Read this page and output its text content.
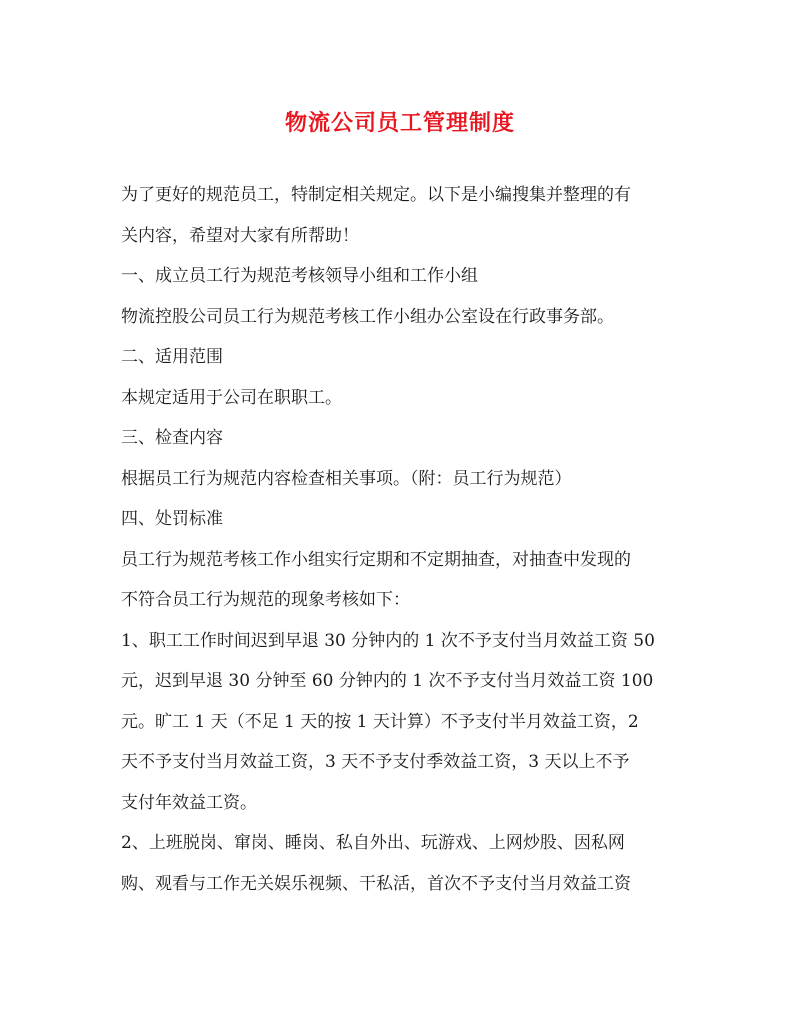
物流公司员工管理制度
为了更好的规范员工，特制定相关规定。以下是小编搜集并整理的有
关内容，希望对大家有所帮助！
一、成立员工行为规范考核领导小组和工作小组
物流控股公司员工行为规范考核工作小组办公室设在行政事务部。
二、适用范围
本规定适用于公司在职职工。
三、检查内容
根据员工行为规范内容检查相关事项。（附：员工行为规范）
四、处罚标准
员工行为规范考核工作小组实行定期和不定期抽查，对抽查中发现的
不符合员工行为规范的现象考核如下：
1、职工工作时间迟到早退 30 分钟内的 1 次不予支付当月效益工资 50
元，迟到早退 30 分钟至 60 分钟内的 1 次不予支付当月效益工资 100
元。旷工 1 天（不足 1 天的按 1 天计算）不予支付半月效益工资，2
天不予支付当月效益工资，3 天不予支付季效益工资，3 天以上不予
支付年效益工资。
2、上班脱岗、窜岗、睡岗、私自外出、玩游戏、上网炒股、因私网
购、观看与工作无关娱乐视频、干私活，首次不予支付当月效益工资
